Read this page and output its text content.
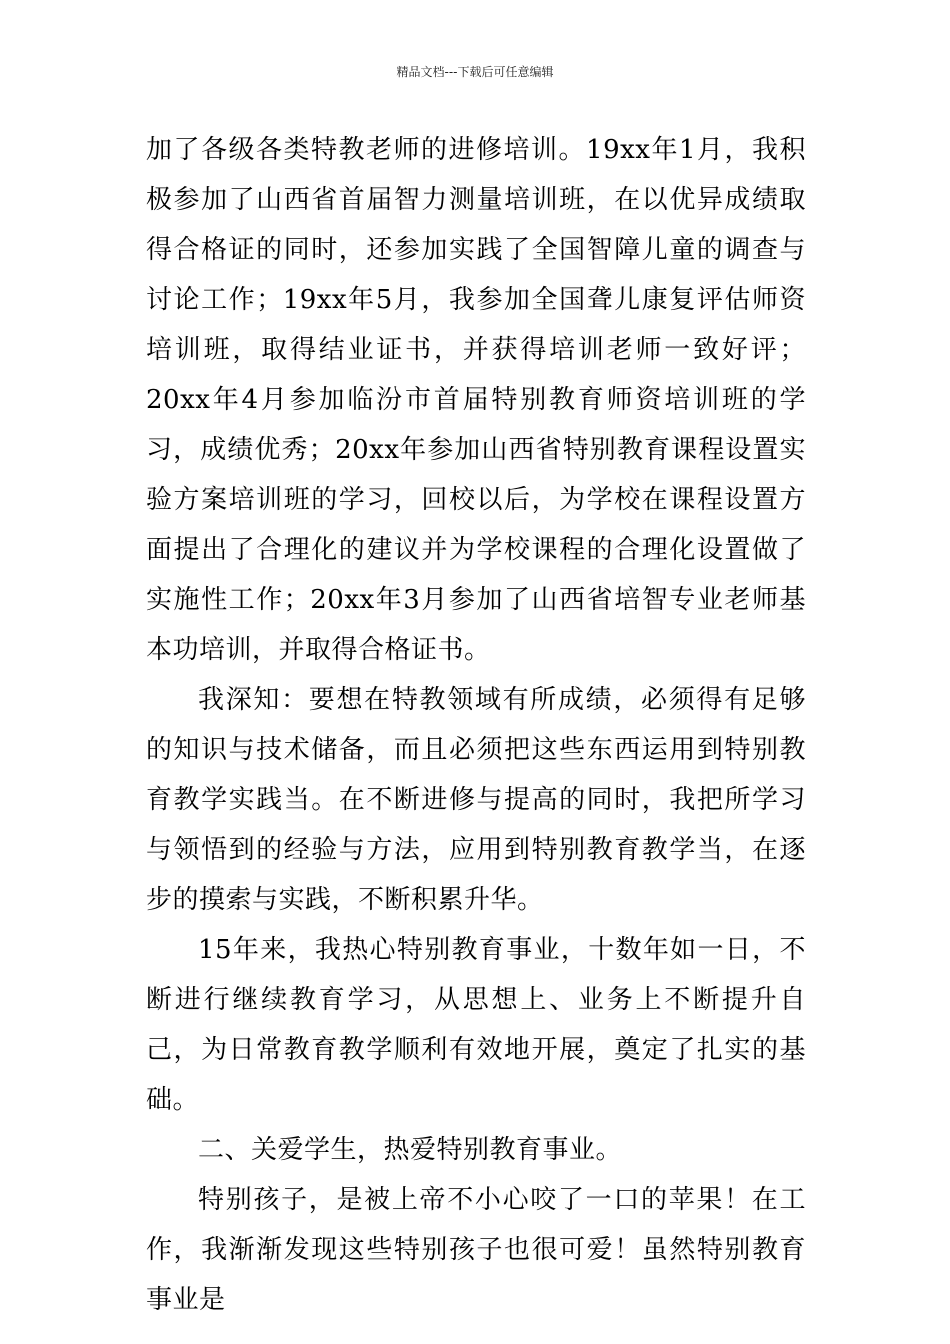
精品文档---下载后可任意编辑

加了各级各类特教老师的进修培训。19xx年1月，我积极参加了山西省首届智力测量培训班，在以优异成绩取得合格证的同时，还参加实践了全国智障儿童的调查与讨论工作；19xx年5月，我参加全国聋儿康复评估师资培训班，取得结业证书，并获得培训老师一致好评；20xx年4月参加临汾市首届特别教育师资培训班的学习，成绩优秀；20xx年参加山西省特别教育课程设置实验方案培训班的学习，回校以后，为学校在课程设置方面提出了合理化的建议并为学校课程的合理化设置做了实施性工作；20xx年3月参加了山西省培智专业老师基本功培训，并取得合格证书。

我深知：要想在特教领域有所成绩，必须得有足够的知识与技术储备，而且必须把这些东西运用到特别教育教学实践当。在不断进修与提高的同时，我把所学习与领悟到的经验与方法，应用到特别教育教学当，在逐步的摸索与实践，不断积累升华。

15年来，我热心特别教育事业，十数年如一日，不断进行继续教育学习，从思想上、业务上不断提升自己，为日常教育教学顺利有效地开展，奠定了扎实的基础。

二、关爱学生，热爱特别教育事业。

特别孩子，是被上帝不小心咬了一口的苹果！在工作，我渐渐发现这些特别孩子也很可爱！虽然特别教育事业是
